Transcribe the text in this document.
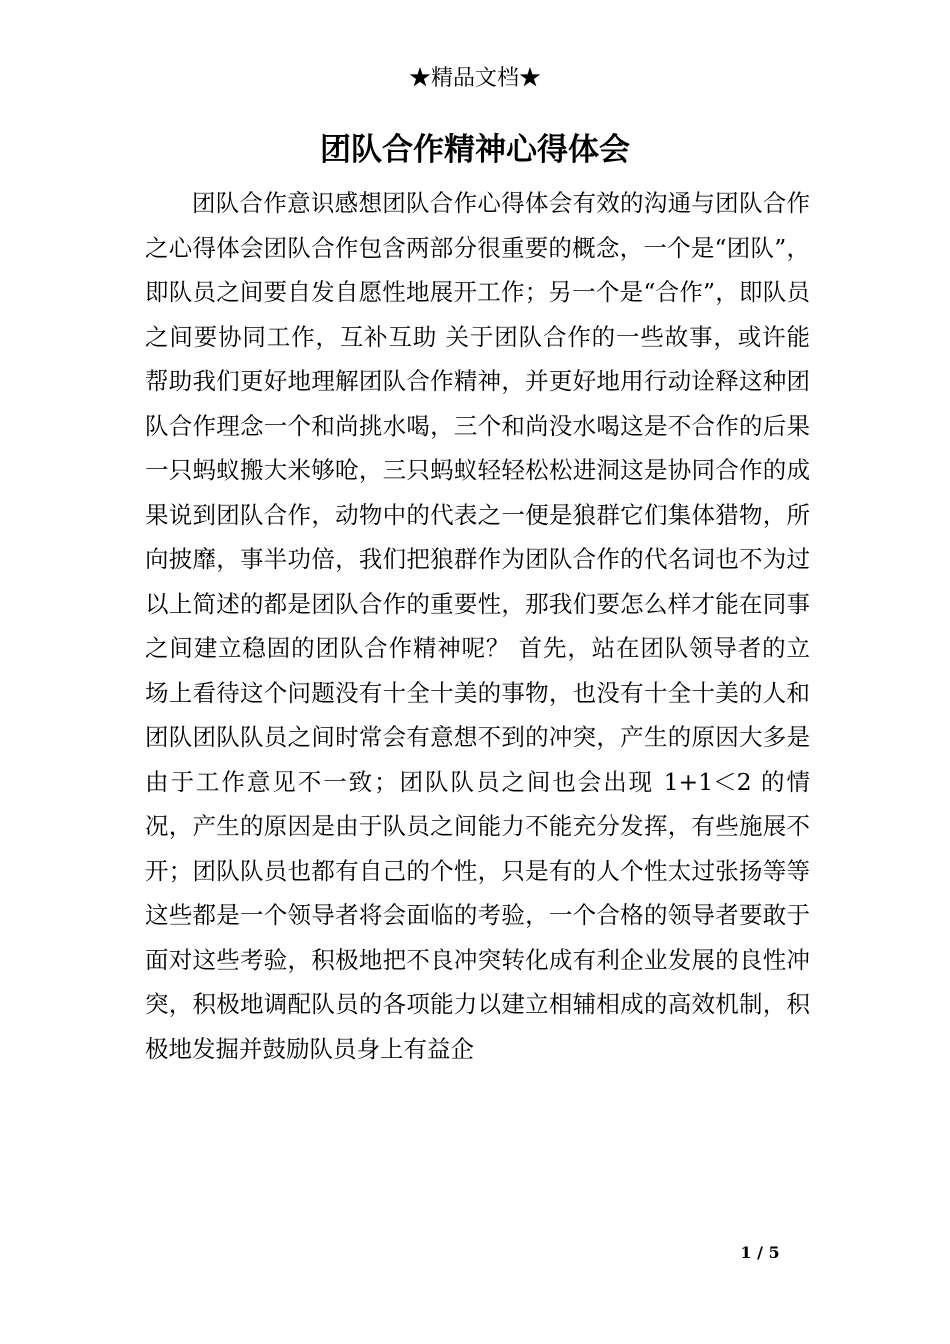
★精品文档★
团队合作精神心得体会

团队合作意识感想团队合作心得体会有效的沟通与团队合作之心得体会团队合作包含两部分很重要的概念，一个是“团队”，即队员之间要自发自愿性地展开工作；另一个是“合作”，即队员之间要协同工作，互补互助 关于团队合作的一些故事，或许能帮助我们更好地理解团队合作精神，并更好地用行动诠释这种团队合作理念一个和尚挑水喝，三个和尚没水喝这是不合作的后果一只蚂蚁搬大米够呛，三只蚂蚁轻轻松松进洞这是协同合作的成果说到团队合作，动物中的代表之一便是狼群它们集体猎物，所向披靡，事半功倍，我们把狼群作为团队合作的代名词也不为过以上简述的都是团队合作的重要性，那我们要怎么样才能在同事之间建立稳固的团队合作精神呢？ 首先，站在团队领导者的立场上看待这个问题没有十全十美的事物，也没有十全十美的人和团队团队队员之间时常会有意想不到的冲突，产生的原因大多是由于工作意见不一致；团队队员之间也会出现 1+1＜2 的情况，产生的原因是由于队员之间能力不能充分发挥，有些施展不开；团队队员也都有自己的个性，只是有的人个性太过张扬等等这些都是一个领导者将会面临的考验，一个合格的领导者要敢于面对这些考验，积极地把不良冲突转化成有利企业发展的良性冲突，积极地调配队员的各项能力以建立相辅相成的高效机制，积极地发掘并鼓励队员身上有益企

1 / 5
